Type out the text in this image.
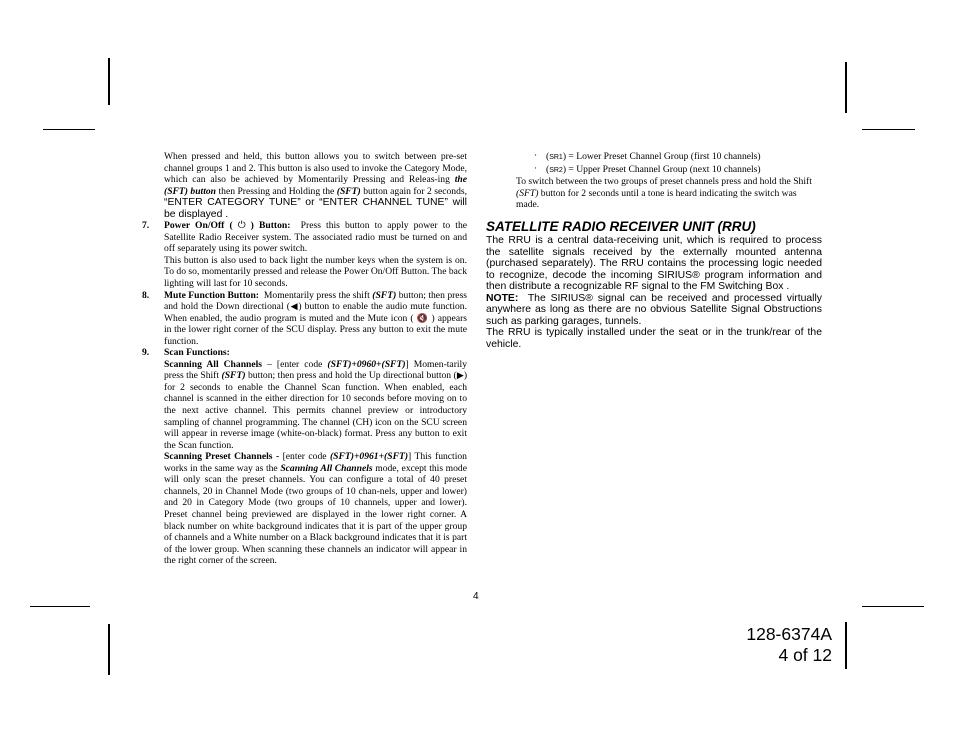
When pressed and held, this button allows you to switch between pre-set channel groups 1 and 2. This button is also used to invoke the Category Mode, which can also be achieved by Momentarily Pressing and Releas-ing the (SFT) button then Pressing and Holding the (SFT) button again for 2 seconds, “ENTER CATEGORY TUNE” or “ENTER CHANNEL TUNE” will be displayed .

7. Power On/Off ( ⏻ ) Button: Press this button to apply power to the Satellite Radio Receiver system. The associated radio must be turned on and off separately using its power switch.

This button is also used to back light the number keys when the system is on. To do so, momentarily pressed and release the Power On/Off Button. The back lighting will last for 10 seconds.

8. Mute Function Button: Momentarily press the shift (SFT) button; then press and hold the Down directional (◀) button to enable the audio mute function. When enabled, the audio program is muted and the Mute icon ( 🔇 ) appears in the lower right corner of the SCU display. Press any button to exit the mute function.

9. Scan Functions:

Scanning All Channels – [enter code (SFT)+0960+(SFT)] Momen-tarily press the Shift (SFT) button; then press and hold the Up directional button (▶) for 2 seconds to enable the Channel Scan function. When enabled, each channel is scanned in the either direction for 10 seconds before moving on to the next active channel. This permits channel preview or introductory sampling of channel programming. The channel (CH) icon on the SCU screen will appear in reverse image (white-on-black) format. Press any button to exit the Scan function.

Scanning Preset Channels - [enter code (SFT)+0961+(SFT)] This function works in the same way as the Scanning All Channels mode, except this mode will only scan the preset channels. You can configure a total of 40 preset channels, 20 in Channel Mode (two groups of 10 chan-nels, upper and lower) and 20 in Category Mode (two groups of 10 channels, upper and lower). Preset channel being previewed are displayed in the lower right corner. A black number on white background indicates that it is part of the upper group of channels and a White number on a Black background indicates that it is part of the lower group. When scanning these channels an indicator will appear in the right corner of the screen.

· (SR1) = Lower Preset Channel Group (first 10 channels)
· (SR2) = Upper Preset Channel Group (next 10 channels)

To switch between the two groups of preset channels press and hold the Shift (SFT) button for 2 seconds until a tone is heard indicating the switch was made.

SATELLITE RADIO RECEIVER UNIT (RRU)

The RRU is a central data-receiving unit, which is required to process the satellite signals received by the externally mounted antenna (purchased separately). The RRU contains the processing logic needed to recognize, decode the incoming SIRIUS® program information and then distribute a recognizable RF signal to the FM Switching Box .

NOTE: The SIRIUS® signal can be received and processed virtually anywhere as long as there are no obvious Satellite Signal Obstructions such as parking garages, tunnels.

The RRU is typically installed under the seat or in the trunk/rear of the vehicle.

4
128-6374A
4 of 12
